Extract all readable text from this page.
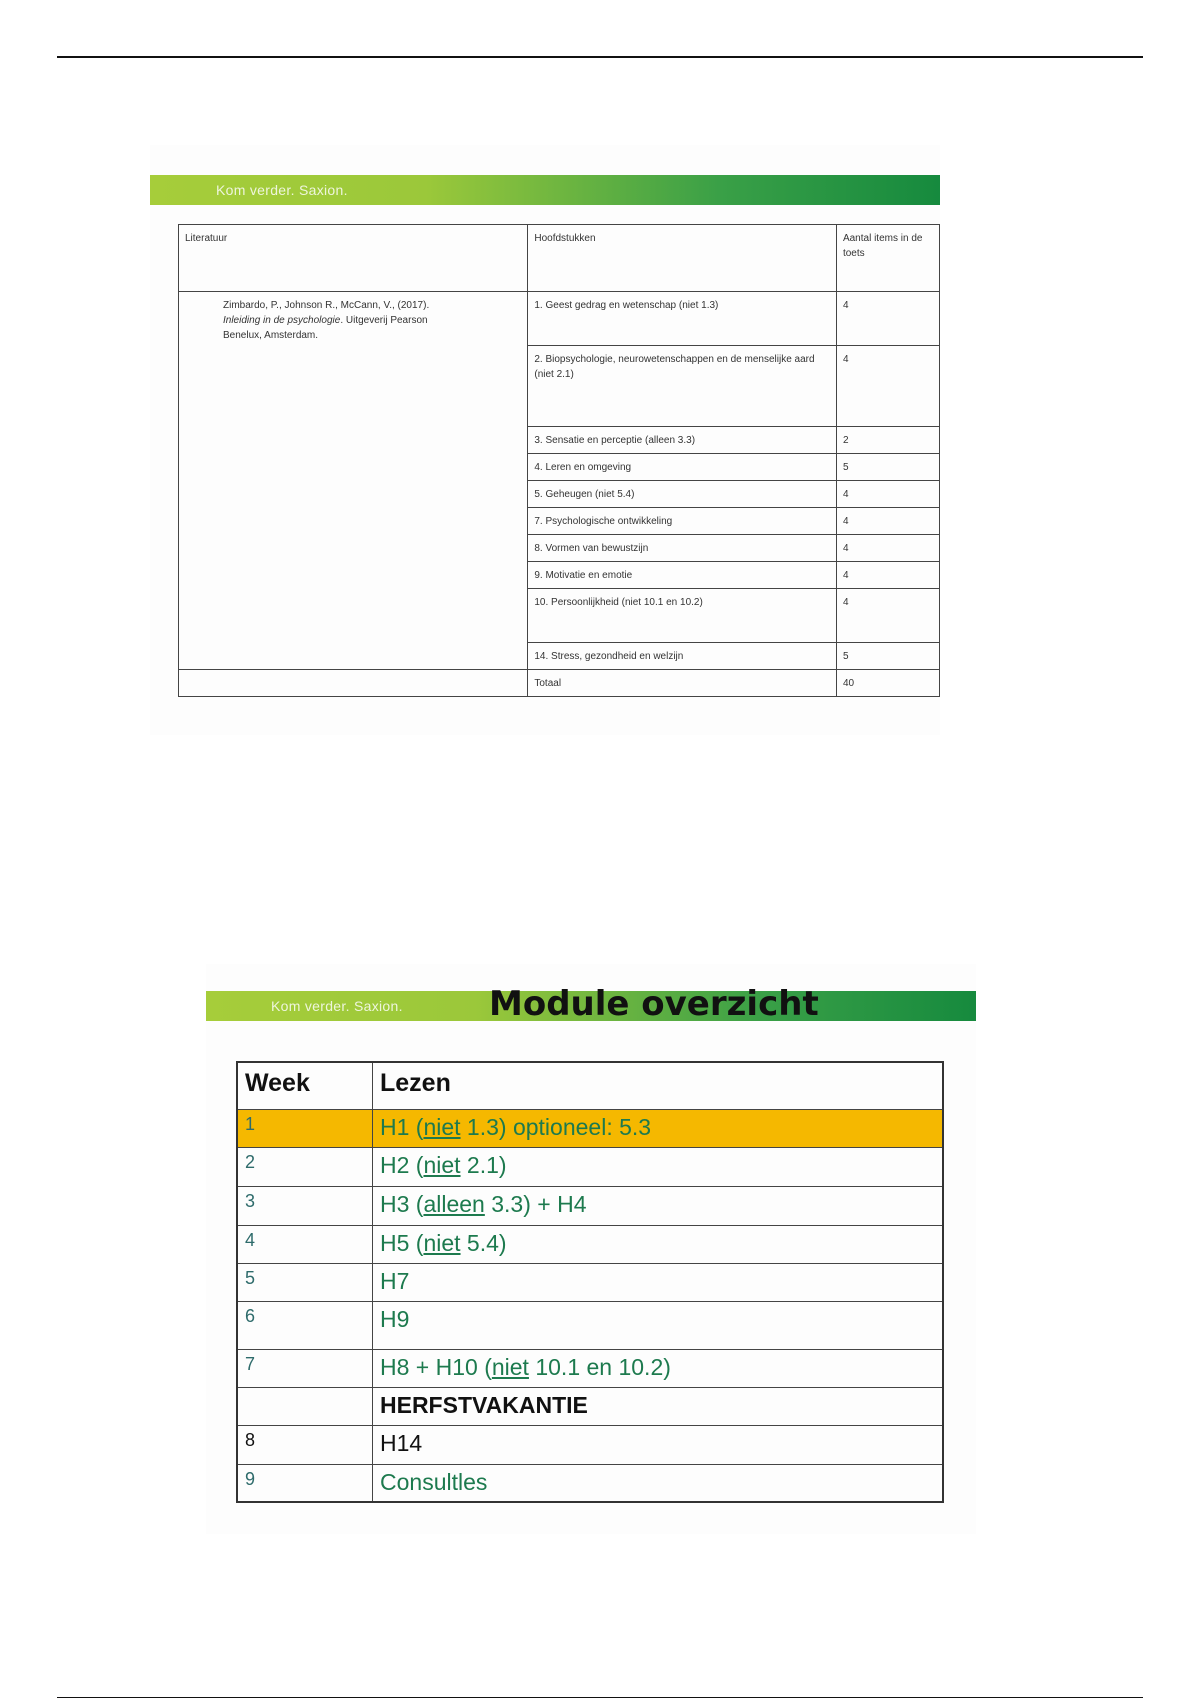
Kom verder. Saxion.
Literatuur	Hoofdstukken	Aantal items in de toets
Zimbardo, P., Johnson R., McCann, V., (2017).
Inleiding in de psychologie. Uitgeverij Pearson
Benelux, Amsterdam.	1. Geest gedrag en wetenschap (niet 1.3)	4
	2. Biopsychologie, neurowetenschappen en de menselijke aard (niet 2.1)	4
	3. Sensatie en perceptie (alleen 3.3)	2
	4. Leren en omgeving	5
	5. Geheugen (niet 5.4)	4
	7. Psychologische ontwikkeling	4
	8. Vormen van bewustzijn	4
	9. Motivatie en emotie	4
	10. Persoonlijkheid (niet 10.1 en 10.2)	4
	14. Stress, gezondheid en welzijn	5
	Totaal	40
Kom verder. Saxion.	Module overzicht
Week	Lezen
1	H1 (niet 1.3) optioneel: 5.3
2	H2 (niet 2.1)
3	H3 (alleen 3.3) + H4
4	H5 (niet 5.4)
5	H7
6	H9
7	H8 + H10 (niet 10.1 en 10.2)
	HERFSTVAKANTIE
8	H14
9	Consultles
